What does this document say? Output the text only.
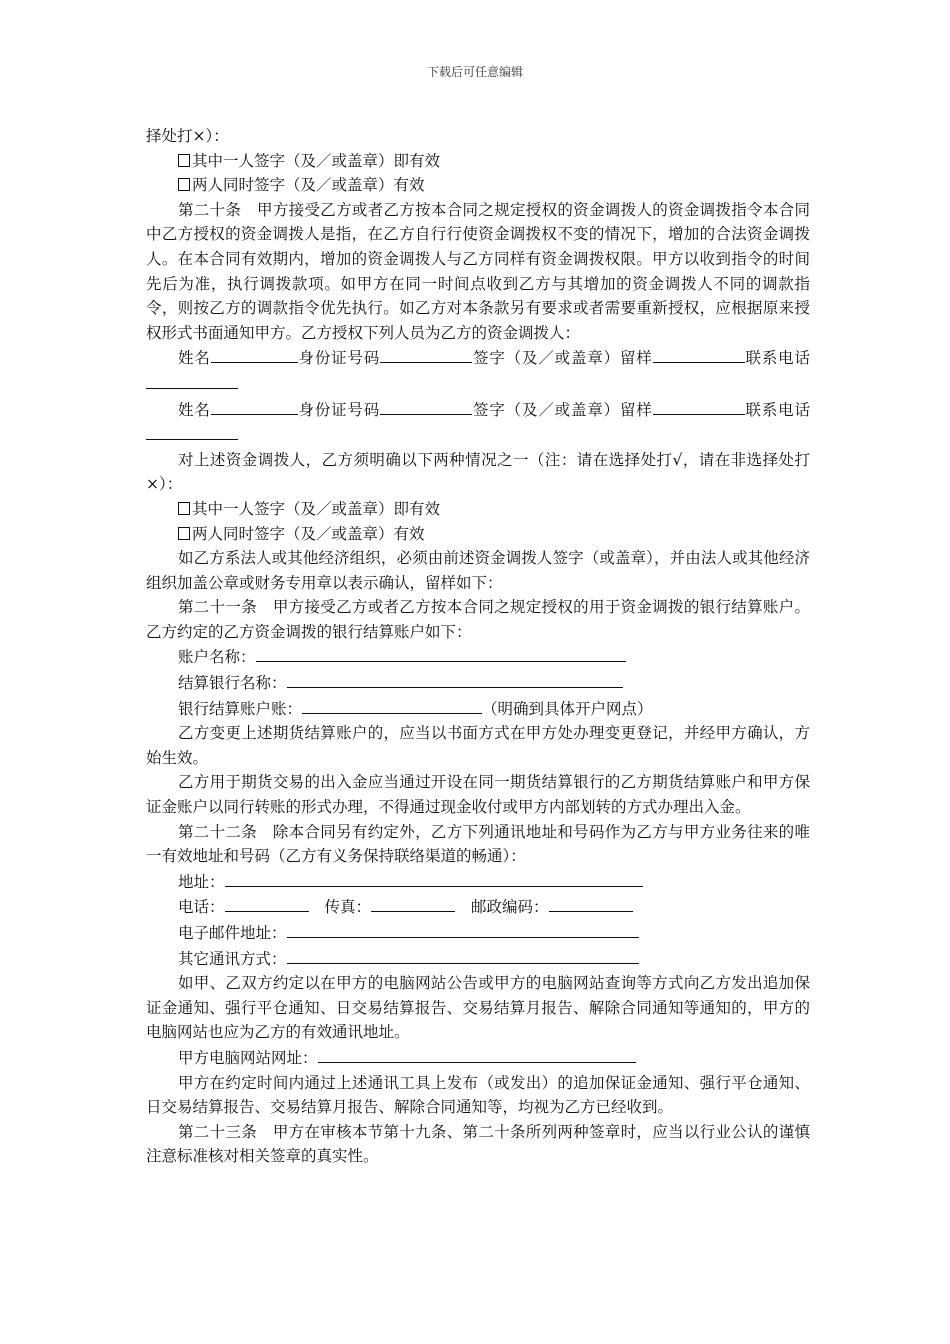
下载后可任意编辑

择处打×）：

其中一人签字（及／或盖章）即有效

两人同时签字（及／或盖章）有效

第二十条　甲方接受乙方或者乙方按本合同之规定授权的资金调拨人的资金调拨指令本合同中乙方授权的资金调拨人是指，在乙方自行行使资金调拨权不变的情况下，增加的合法资金调拨人。在本合同有效期内，增加的资金调拨人与乙方同样有资金调拨权限。甲方以收到指令的时间先后为准，执行调拨款项。如甲方在同一时间点收到乙方与其增加的资金调拨人不同的调款指令，则按乙方的调款指令优先执行。如乙方对本条款另有要求或者需要重新授权，应根据原来授权形式书面通知甲方。乙方授权下列人员为乙方的资金调拨人：

姓名	身份证号码	签字（及／或盖章）留样	联系电话

姓名	身份证号码	签字（及／或盖章）留样	联系电话

对上述资金调拨人，乙方须明确以下两种情况之一（注：请在选择处打√，请在非选择处打×）：

其中一人签字（及／或盖章）即有效

两人同时签字（及／或盖章）有效

如乙方系法人或其他经济组织，必须由前述资金调拨人签字（或盖章），并由法人或其他经济组织加盖公章或财务专用章以表示确认，留样如下：

第二十一条　甲方接受乙方或者乙方按本合同之规定授权的用于资金调拨的银行结算账户。乙方约定的乙方资金调拨的银行结算账户如下：

账户名称：

结算银行名称：

银行结算账户账：	（明确到具体开户网点）

乙方变更上述期货结算账户的，应当以书面方式在甲方处办理变更登记，并经甲方确认，方始生效。

乙方用于期货交易的出入金应当通过开设在同一期货结算银行的乙方期货结算账户和甲方保证金账户以同行转账的形式办理，不得通过现金收付或甲方内部划转的方式办理出入金。

第二十二条　除本合同另有约定外，乙方下列通讯地址和号码作为乙方与甲方业务往来的唯一有效地址和号码（乙方有义务保持联络渠道的畅通）：

地址：

电话：	传真：	邮政编码：

电子邮件地址：

其它通讯方式：

如甲、乙双方约定以在甲方的电脑网站公告或甲方的电脑网站查询等方式向乙方发出追加保证金通知、强行平仓通知、日交易结算报告、交易结算月报告、解除合同通知等通知的，甲方的电脑网站也应为乙方的有效通讯地址。

甲方电脑网站网址：

甲方在约定时间内通过上述通讯工具上发布（或发出）的追加保证金通知、强行平仓通知、日交易结算报告、交易结算月报告、解除合同通知等，均视为乙方已经收到。

第二十三条　甲方在审核本节第十九条、第二十条所列两种签章时，应当以行业公认的谨慎注意标准核对相关签章的真实性。
